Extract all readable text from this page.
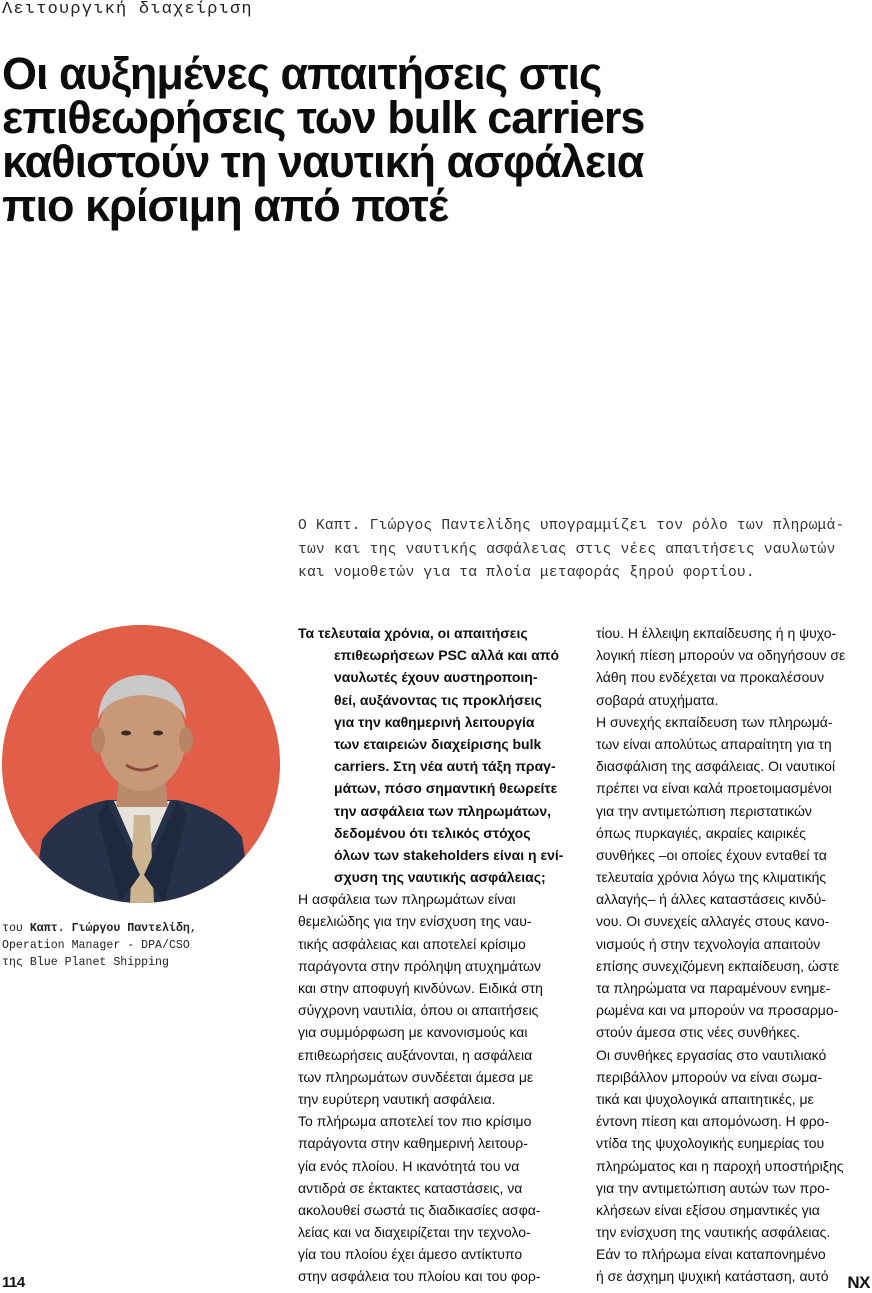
Λειτουργική διαχείριση
Οι αυξημένες απαιτήσεις στις
επιθεωρήσεις των bulk carriers
καθιστούν τη ναυτική ασφάλεια
πιο κρίσιμη από ποτέ
Ο Καπτ. Γιώργος Παντελίδης υπογραμμίζει τον ρόλο των πληρωμά-
των και της ναυτικής ασφάλειας στις νέες απαιτήσεις ναυλωτών
και νομοθετών για τα πλοία μεταφοράς ξηρού φορτίου.
του Καπτ. Γιώργου Παντελίδη,
Operation Manager - DPA/CSO
της Blue Planet Shipping
Τα τελευταία χρόνια, οι απαιτήσεις
επιθεωρήσεων PSC αλλά και από
ναυλωτές έχουν αυστηροποιη-
θεί, αυξάνοντας τις προκλήσεις
για την καθημερινή λειτουργία
των εταιρειών διαχείρισης bulk
carriers. Στη νέα αυτή τάξη πραγ-
μάτων, πόσο σημαντική θεωρείτε
την ασφάλεια των πληρωμάτων,
δεδομένου ότι τελικός στόχος
όλων των stakeholders είναι η ενί-
σχυση της ναυτικής ασφάλειας;
Η ασφάλεια των πληρωμάτων είναι
θεμελιώδης για την ενίσχυση της ναυ-
τικής ασφάλειας και αποτελεί κρίσιμο
παράγοντα στην πρόληψη ατυχημάτων
και στην αποφυγή κινδύνων. Ειδικά στη
σύγχρονη ναυτιλία, όπου οι απαιτήσεις
για συμμόρφωση με κανονισμούς και
επιθεωρήσεις αυξάνονται, η ασφάλεια
των πληρωμάτων συνδέεται άμεσα με
την ευρύτερη ναυτική ασφάλεια.
Το πλήρωμα αποτελεί τον πιο κρίσιμο
παράγοντα στην καθημερινή λειτουρ-
γία ενός πλοίου. Η ικανότητά του να
αντιδρά σε έκτακτες καταστάσεις, να
ακολουθεί σωστά τις διαδικασίες ασφα-
λείας και να διαχειρίζεται την τεχνολο-
γία του πλοίου έχει άμεσο αντίκτυπο
στην ασφάλεια του πλοίου και του φορ-
τίου. Η έλλειψη εκπαίδευσης ή η ψυχο-
λογική πίεση μπορούν να οδηγήσουν σε
λάθη που ενδέχεται να προκαλέσουν
σοβαρά ατυχήματα.
Η συνεχής εκπαίδευση των πληρωμά-
των είναι απολύτως απαραίτητη για τη
διασφάλιση της ασφάλειας. Οι ναυτικοί
πρέπει να είναι καλά προετοιμασμένοι
για την αντιμετώπιση περιστατικών
όπως πυρκαγιές, ακραίες καιρικές
συνθήκες –οι οποίες έχουν ενταθεί τα
τελευταία χρόνια λόγω της κλιματικής
αλλαγής– ή άλλες καταστάσεις κινδύ-
νου. Οι συνεχείς αλλαγές στους κανο-
νισμούς ή στην τεχνολογία απαιτούν
επίσης συνεχιζόμενη εκπαίδευση, ώστε
τα πληρώματα να παραμένουν ενημε-
ρωμένα και να μπορούν να προσαρμο-
στούν άμεσα στις νέες συνθήκες.
Οι συνθήκες εργασίας στο ναυτιλιακό
περιβάλλον μπορούν να είναι σωμα-
τικά και ψυχολογικά απαιτητικές, με
έντονη πίεση και απομόνωση. Η φρο-
ντίδα της ψυχολογικής ευημερίας του
πληρώματος και η παροχή υποστήριξης
για την αντιμετώπιση αυτών των προ-
κλήσεων είναι εξίσου σημαντικές για
την ενίσχυση της ναυτικής ασφάλειας.
Εάν το πλήρωμα είναι καταπονημένο
ή σε άσχημη ψυχική κατάσταση, αυτό
114	NX
